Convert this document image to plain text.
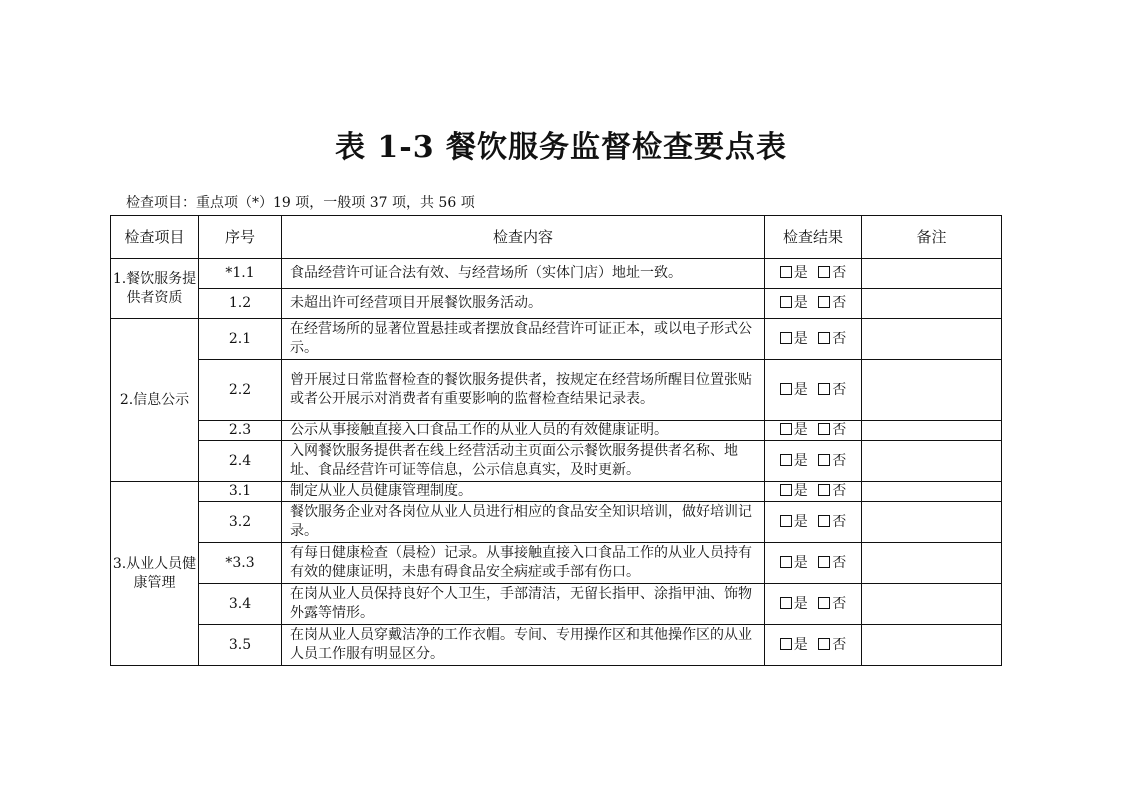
表 1-3 餐饮服务监督检查要点表
检查项目：重点项（*）19 项，一般项 37 项，共 56 项
检查项目	序号	检查内容	检查结果	备注
1.餐饮服务提供者资质	*1.1	食品经营许可证合法有效、与经营场所（实体门店）地址一致。	是 否	
	1.2	未超出许可经营项目开展餐饮服务活动。	是 否	
2.信息公示	2.1	在经营场所的显著位置悬挂或者摆放食品经营许可证正本，或以电子形式公示。	是 否	
	2.2	曾开展过日常监督检查的餐饮服务提供者，按规定在经营场所醒目位置张贴或者公开展示对消费者有重要影响的监督检查结果记录表。	是 否	
	2.3	公示从事接触直接入口食品工作的从业人员的有效健康证明。	是 否	
	2.4	入网餐饮服务提供者在线上经营活动主页面公示餐饮服务提供者名称、地址、食品经营许可证等信息，公示信息真实，及时更新。	是 否	
3.从业人员健康管理	3.1	制定从业人员健康管理制度。	是 否	
	3.2	餐饮服务企业对各岗位从业人员进行相应的食品安全知识培训，做好培训记录。	是 否	
	*3.3	有每日健康检查（晨检）记录。从事接触直接入口食品工作的从业人员持有有效的健康证明，未患有碍食品安全病症或手部有伤口。	是 否	
	3.4	在岗从业人员保持良好个人卫生，手部清洁，无留长指甲、涂指甲油、饰物外露等情形。	是 否	
	3.5	在岗从业人员穿戴洁净的工作衣帽。专间、专用操作区和其他操作区的从业人员工作服有明显区分。	是 否	
